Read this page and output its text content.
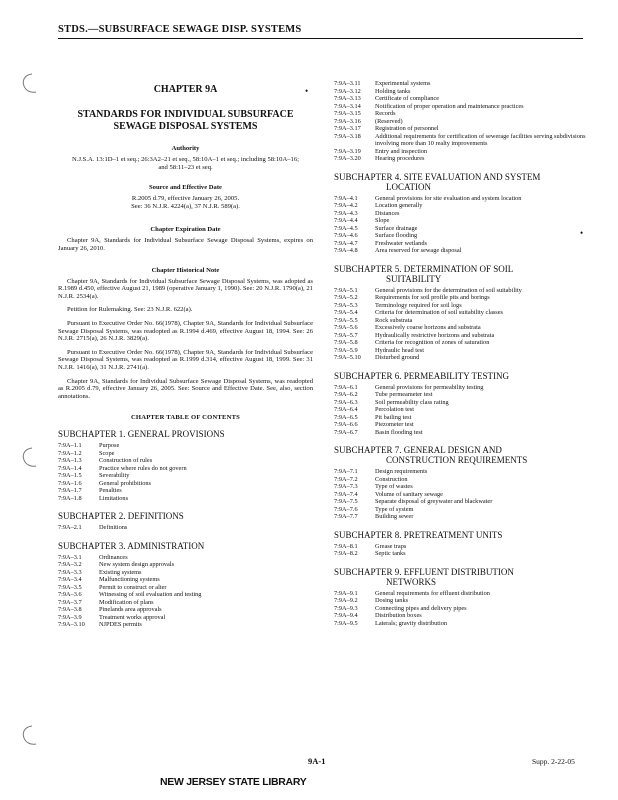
STDS.—SUBSURFACE SEWAGE DISP. SYSTEMS
•
•
CHAPTER 9A
STANDARDS FOR INDIVIDUAL SUBSURFACE
SEWAGE DISPOSAL SYSTEMS
Authority
N.J.S.A. 13:1D–1 et seq.; 26:3A2–21 et seq., 58:10A–1 et seq.; including 58:10A–16; and 58:11–23 et seq.
Source and Effective Date
R.2005 d.79, effective January 26, 2005.
See: 36 N.J.R. 4224(a), 37 N.J.R. 589(a).
Chapter Expiration Date
Chapter 9A, Standards for Individual Subsurface Sewage Disposal Systems, expires on January 26, 2010.
Chapter Historical Note
Chapter 9A, Standards for Individual Subsurface Sewage Disposal Systems, was adopted as R.1989 d.450, effective August 21, 1989 (operative January 1, 1990). See: 20 N.J.R. 1790(a), 21 N.J.R. 2534(a).
Petition for Rulemaking. See: 23 N.J.R. 622(a).
Pursuant to Executive Order No. 66(1978), Chapter 9A, Standards for Individual Subsurface Sewage Disposal Systems, was readopted as R.1994 d.469, effective August 18, 1994. See: 26 N.J.R. 2715(a), 26 N.J.R. 3829(a).
Pursuant to Executive Order No. 66(1978), Chapter 9A, Standards for Individual Subsurface Sewage Disposal Systems, was readopted as R.1999 d.314, effective August 18, 1999. See: 31 N.J.R. 1416(a), 31 N.J.R. 2741(a).
Chapter 9A, Standards for Individual Subsurface Sewage Disposal Systems, was readopted as R.2005 d.79, effective January 26, 2005. See: Source and Effective Date. See, also, section annotations.
CHAPTER TABLE OF CONTENTS
SUBCHAPTER 1. GENERAL PROVISIONS
7:9A–1.1	Purpose
7:9A–1.2	Scope
7:9A–1.3	Construction of rules
7:9A–1.4	Practice where rules do not govern
7:9A–1.5	Severability
7:9A–1.6	General prohibitions
7:9A–1.7	Penalties
7:9A–1.8	Limitations
SUBCHAPTER 2. DEFINITIONS
7:9A–2.1	Definitions
SUBCHAPTER 3. ADMINISTRATION
7:9A–3.1	Ordinances
7:9A–3.2	New system design approvals
7:9A–3.3	Existing systems
7:9A–3.4	Malfunctioning systems
7:9A–3.5	Permit to construct or alter
7:9A–3.6	Witnessing of soil evaluation and testing
7:9A–3.7	Modification of plans
7:9A–3.8	Pinelands area approvals
7:9A–3.9	Treatment works approval
7:9A–3.10	NJPDES permits
7:9A–3.11	Experimental systems
7:9A–3.12	Holding tanks
7:9A–3.13	Certificate of compliance
7:9A–3.14	Notification of proper operation and maintenance practices
7:9A–3.15	Records
7:9A–3.16	(Reserved)
7:9A–3.17	Registration of personnel
7:9A–3.18	Additional requirements for certification of sewerage facilities serving subdivisions involving more than 10 realty improvements
7:9A–3.19	Entry and inspection
7:9A–3.20	Hearing procedures
SUBCHAPTER 4. SITE EVALUATION AND SYSTEM
LOCATION
7:9A–4.1	General provisions for site evaluation and system location
7:9A–4.2	Location generally
7:9A–4.3	Distances
7:9A–4.4	Slope
7:9A–4.5	Surface drainage
7:9A–4.6	Surface flooding
7:9A–4.7	Freshwater wetlands
7:9A–4.8	Area reserved for sewage disposal
SUBCHAPTER 5. DETERMINATION OF SOIL
SUITABILITY
7:9A–5.1	General provisions for the determination of soil suitability
7:9A–5.2	Requirements for soil profile pits and borings
7:9A–5.3	Terminology required for soil logs
7:9A–5.4	Criteria for determination of soil suitability classes
7:9A–5.5	Rock substrata
7:9A–5.6	Excessively coarse horizons and substrata
7:9A–5.7	Hydraulically restrictive horizons and substrata
7:9A–5.8	Criteria for recognition of zones of saturation
7:9A–5.9	Hydraulic head test
7:9A–5.10	Disturbed ground
SUBCHAPTER 6. PERMEABILITY TESTING
7:9A–6.1	General provisions for permeability testing
7:9A–6.2	Tube permeameter test
7:9A–6.3	Soil permeability class rating
7:9A–6.4	Percolation test
7:9A–6.5	Pit bailing test
7:9A–6.6	Piezometer test
7:9A–6.7	Basin flooding test
SUBCHAPTER 7. GENERAL DESIGN AND
CONSTRUCTION REQUIREMENTS
7:9A–7.1	Design requirements
7:9A–7.2	Construction
7:9A–7.3	Type of wastes
7:9A–7.4	Volume of sanitary sewage
7:9A–7.5	Separate disposal of greywater and blackwater
7:9A–7.6	Type of system
7:9A–7.7	Building sewer
SUBCHAPTER 8. PRETREATMENT UNITS
7:9A–8.1	Grease traps
7:9A–8.2	Septic tanks
SUBCHAPTER 9. EFFLUENT DISTRIBUTION
NETWORKS
7:9A–9.1	General requirements for effluent distribution
7:9A–9.2	Dosing tanks
7:9A–9.3	Connecting pipes and delivery pipes
7:9A–9.4	Distribution boxes
7:9A–9.5	Laterals; gravity distribution
9A-1	Supp. 2-22-05
NEW JERSEY STATE LIBRARY
